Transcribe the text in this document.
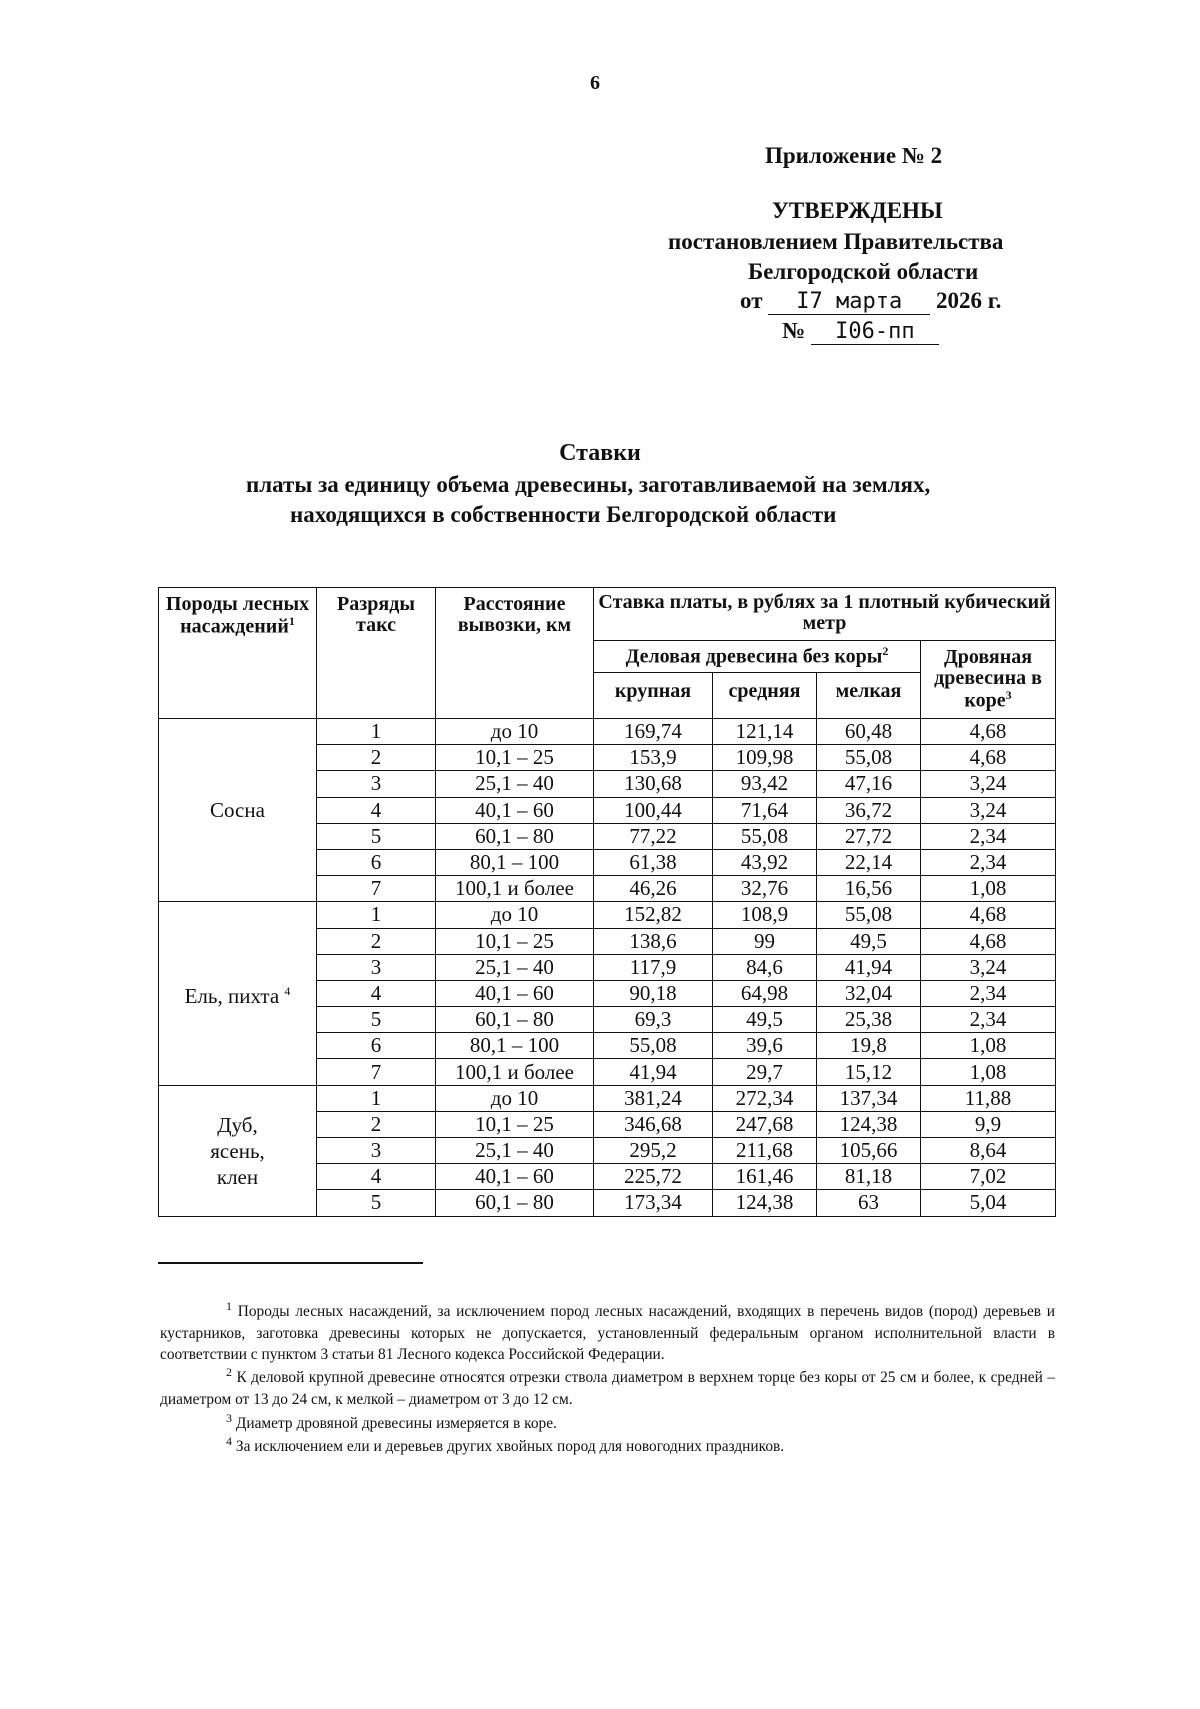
6
Приложение № 2
УТВЕРЖДЕНЫ
постановлением Правительства
Белгородской области
от I7 марта 2026 г.
№ I06-пп
Ставки
платы за единицу объема древесины, заготавливаемой на землях,
находящихся в собственности Белгородской области
Породы лесных насаждений$^1$	Разряды такс	Расстояние вывозки, км	Ставка платы, в рублях за 1 плотный кубический метр			
			Деловая древесина без коры$^2$			Дровяная древесина в коре$^3$
			крупная	средняя	мелкая	
Сосна	1	до 10	169,74	121,14	60,48	4,68
	2	10,1 – 25	153,9	109,98	55,08	4,68
	3	25,1 – 40	130,68	93,42	47,16	3,24
	4	40,1 – 60	100,44	71,64	36,72	3,24
	5	60,1 – 80	77,22	55,08	27,72	2,34
	6	80,1 – 100	61,38	43,92	22,14	2,34
	7	100,1 и более	46,26	32,76	16,56	1,08
Ель, пихта $^4$	1	до 10	152,82	108,9	55,08	4,68
	2	10,1 – 25	138,6	99	49,5	4,68
	3	25,1 – 40	117,9	84,6	41,94	3,24
	4	40,1 – 60	90,18	64,98	32,04	2,34
	5	60,1 – 80	69,3	49,5	25,38	2,34
	6	80,1 – 100	55,08	39,6	19,8	1,08
	7	100,1 и более	41,94	29,7	15,12	1,08
Дуб, ясень, клен	1	до 10	381,24	272,34	137,34	11,88
	2	10,1 – 25	346,68	247,68	124,38	9,9
	3	25,1 – 40	295,2	211,68	105,66	8,64
	4	40,1 – 60	225,72	161,46	81,18	7,02
	5	60,1 – 80	173,34	124,38	63	5,04
$^1$ Породы лесных насаждений, за исключением пород лесных насаждений, входящих в перечень видов (пород) деревьев и кустарников, заготовка древесины которых не допускается, установленный федеральным органом исполнительной власти в соответствии с пунктом 3 статьи 81 Лесного кодекса Российской Федерации.
$^2$ К деловой крупной древесине относятся отрезки ствола диаметром в верхнем торце без коры от 25 см и более, к средней – диаметром от 13 до 24 см, к мелкой – диаметром от 3 до 12 см.
$^3$ Диаметр дровяной древесины измеряется в коре.
$^4$ За исключением ели и деревьев других хвойных пород для новогодних праздников.
